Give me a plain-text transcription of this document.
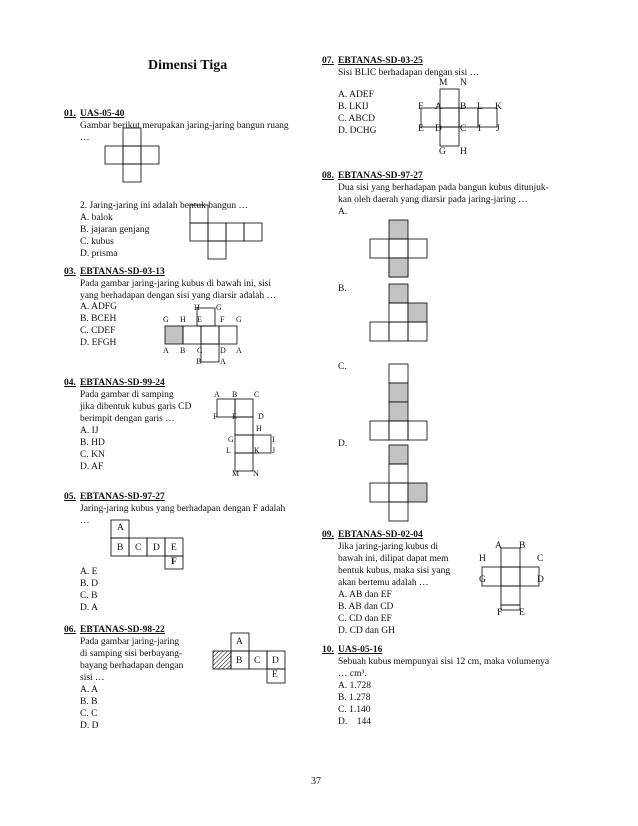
Dimensi Tiga
01. UAS-05-40
Gambar berikut merupakan jaring-jaring bangun ruang
…
2. Jaring-jaring ini adalah bentuk bangun …
A. balok
B. jajaran genjang
C. kubus
D. prisma
03. EBTANAS-SD-03-13
Pada gambar jaring-jaring kubus di bawah ini, sisi
yang berhadapan dengan sisi yang diarsir adalah …
A. ADFG
B. BCEH
C. CDEF
D. EFGH
H G
G H E F G
A B C D A
B A
04. EBTANAS-SD-99-24
Pada gambar di samping
jika dibentuk kubus garis CD
berimpit dengan garis …
A. IJ
B. HD
C. KN
D. AF
A B C
F E	D
H
G	I
L	K J
M N
05. EBTANAS-SD-97-27
Jaring-jaring kubus yang berhadapan dengan F adalah
…
A
B C D E
F
A. E
B. D
C. B
D. A
06. EBTANAS-SD-98-22
Pada gambar jaring-jaring
di samping sisi berbayang-
bayang berhadapan dengan
sisi …
A. A
B. B
C. C
D. D
A
B C D
E
07. EBTANAS-SD-03-25
Sisi BLIC berhadapan dengan sisi …
A. ADEF
B. LKIJ
C. ABCD
D. DCHG
M N
F A B L K
E D C I J
G H
08. EBTANAS-SD-97-27
Dua sisi yang berhadapan pada bangun kubus ditunjuk-
kan oleh daerah yang diarsir pada jaring-jaring …
A.
B.
C.
D.
09. EBTANAS-SD-02-04
Jika jaring-jaring kubus di
bawah ini, dilipat dapat mem
bentuk kubus, maka sisi yang
akan bertemu adalah …
A. AB dan EF
B. AB dan CD
C. CD dan EF
D. CD dan GH
A B
H	C
G	D
F E
10. UAS-05-16
Sebuah kubus mempunyai sisi 12 cm, maka volumenya
… cm³.
A. 1.728
B. 1.278
C. 1.140
D.    144
37
